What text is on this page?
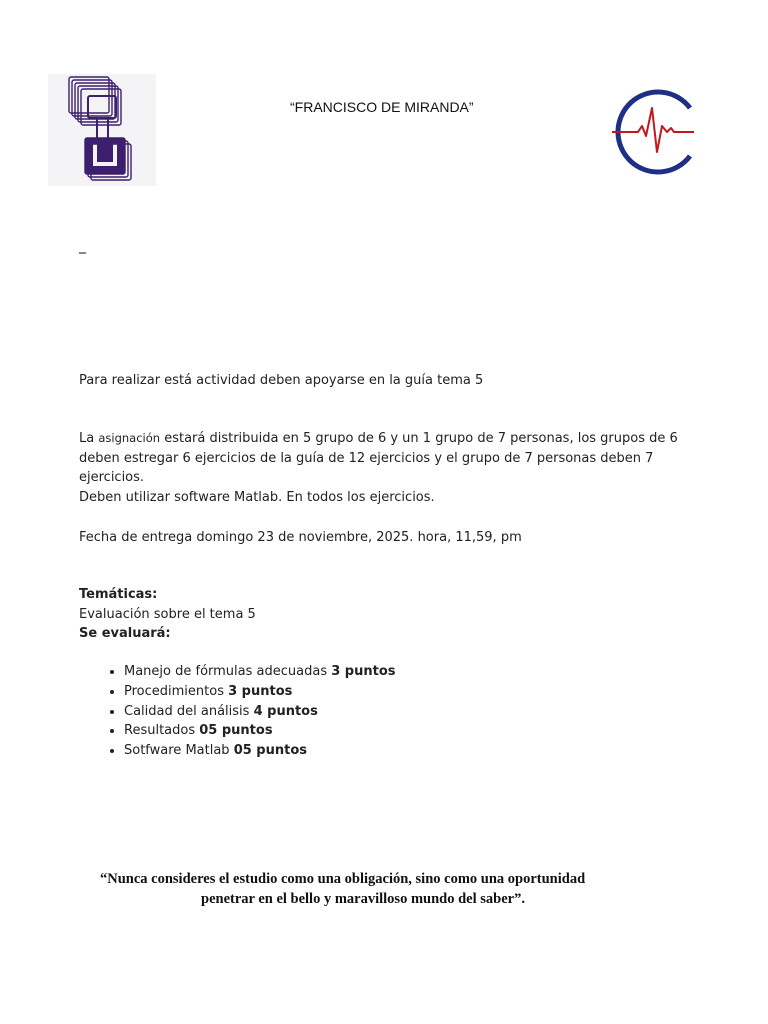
“FRANCISCO DE MIRANDA”
_
Para realizar está actividad deben apoyarse en la guía tema 5
La asignación estará distribuida en 5 grupo de 6 y un 1 grupo de 7 personas, los grupos de 6 deben estregar 6 ejercicios de la guía de 12 ejercicios y el grupo de 7 personas deben 7 ejercicios.
Deben utilizar software Matlab. En todos los ejercicios.
Fecha de entrega domingo 23 de noviembre, 2025. hora, 11,59, pm
Temáticas:
Evaluación sobre el tema 5
Se evaluará:
• Manejo de fórmulas adecuadas 3 puntos
• Procedimientos 3 puntos
• Calidad del análisis 4 puntos
• Resultados 05 puntos
• Sotfware Matlab 05 puntos
“Nunca consideres el estudio como una obligación, sino como una oportunidad
penetrar en el bello y maravilloso mundo del saber”.
